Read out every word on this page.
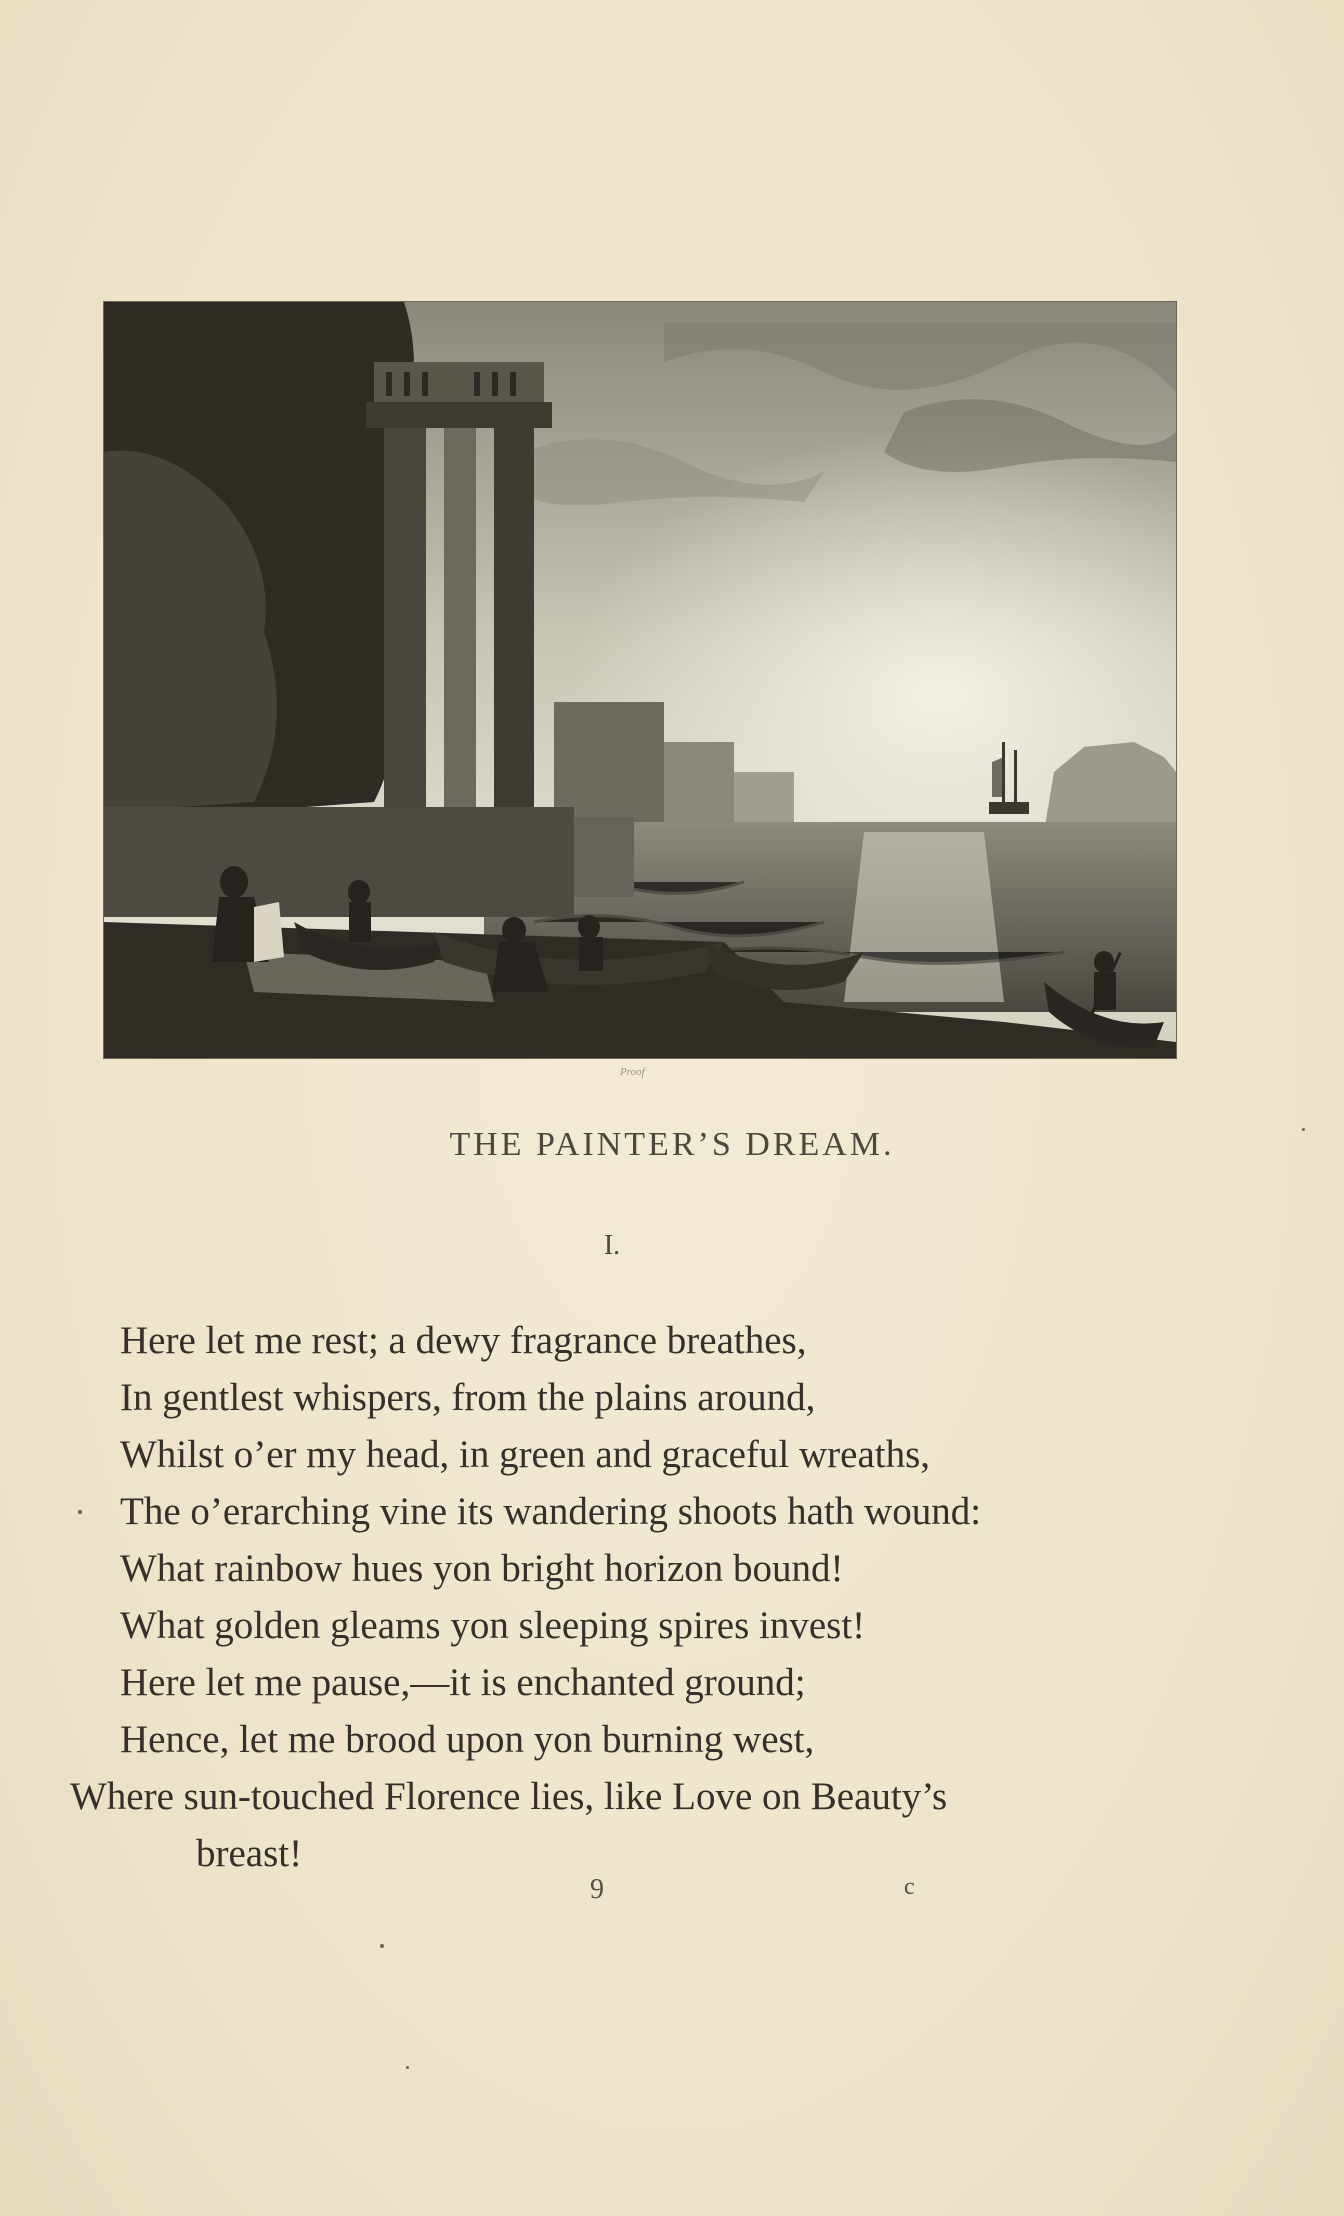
Proof
THE PAINTER’S DREAM.
I.
Here let me rest; a dewy fragrance breathes,
In gentlest whispers, from the plains around,
Whilst o’er my head, in green and graceful wreaths,
The o’erarching vine its wandering shoots hath wound:
What rainbow hues yon bright horizon bound!
What golden gleams yon sleeping spires invest!
Here let me pause,—it is enchanted ground;
Hence, let me brood upon yon burning west,
Where sun-touched Florence lies, like Love on Beauty’s
breast!
9	c
